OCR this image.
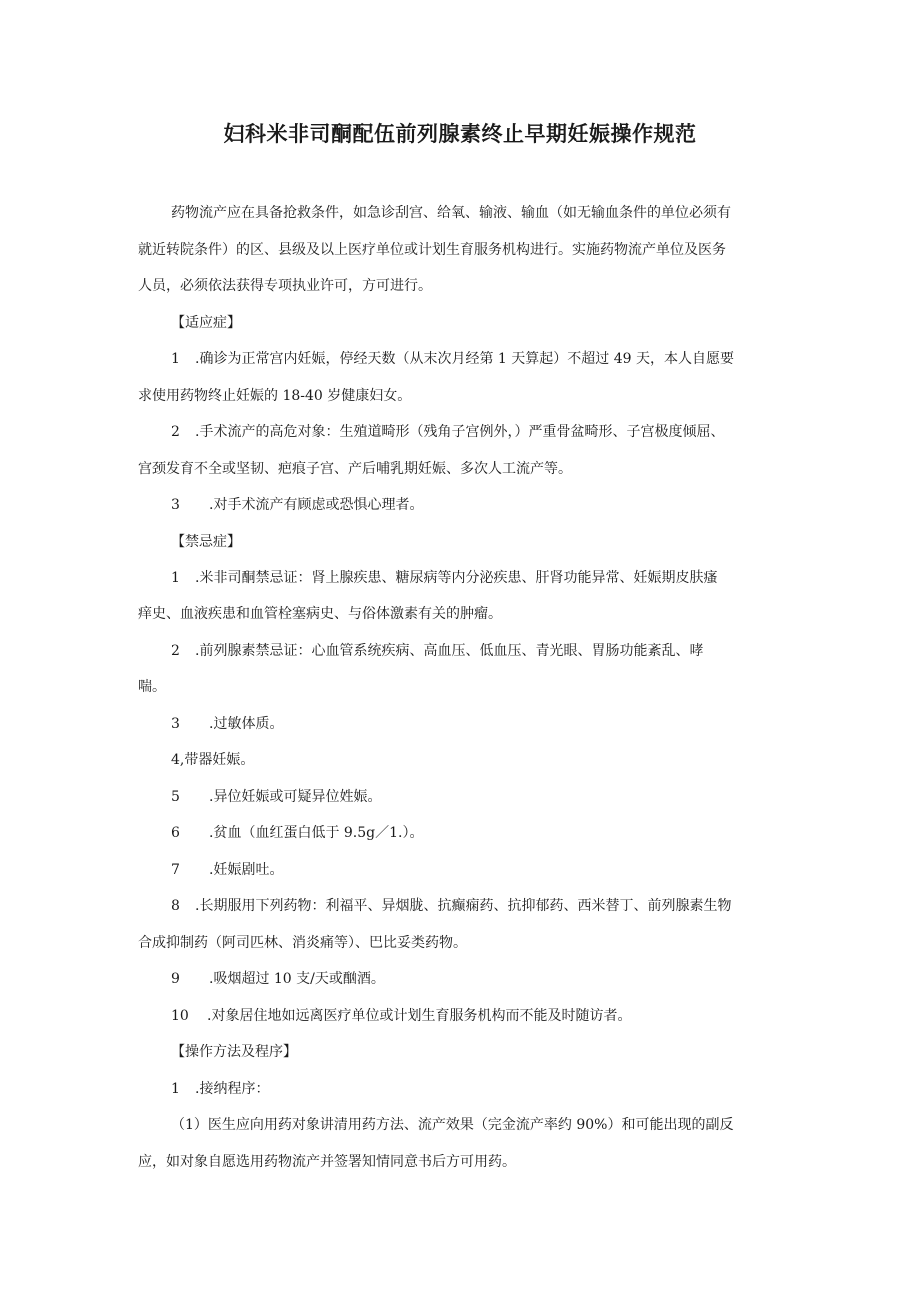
妇科米非司酮配伍前列腺素终止早期妊娠操作规范

药物流产应在具备抢救条件，如急诊刮宫、给氧、输液、输血（如无输血条件的单位必须有

就近转院条件）的区、县级及以上医疗单位或计划生育服务机构进行。实施药物流产单位及医务

人员，必须依法获得专项执业许可，方可进行。

【适应症】

1 .确诊为正常宫内妊娠，停经天数（从末次月经第 1 天算起）不超过 49 天，本人自愿要

求使用药物终止妊娠的 18-40 岁健康妇女。

2 .手术流产的高危对象：生殖道畸形（残角子宫例外，）严重骨盆畸形、子宫极度倾屈、

宫颈发育不全或坚韧、疤痕子宫、产后哺乳期妊娠、多次人工流产等。

3 .对手术流产有顾虑或恐惧心理者。

【禁忌症】

1 .米非司酮禁忌证：肾上腺疾患、糖尿病等内分泌疾患、肝肾功能异常、妊娠期皮肤瘙

痒史、血液疾患和血管栓塞病史、与俗体激素有关的肿瘤。

2 .前列腺素禁忌证：心血管系统疾病、高血压、低血压、青光眼、胃肠功能紊乱、哮

喘。

3 .过敏体质。

4,带器妊娠。

5 .异位妊娠或可疑异位姓娠。

6 .贫血（血红蛋白低于 9.5g／1.）。

7 .妊娠剧吐。

8 .长期服用下列药物：利福平、异烟胧、抗癫痫药、抗抑郁药、西米替丁、前列腺素生物

合成抑制药（阿司匹林、消炎痛等）、巴比妥类药物。

9 .吸烟超过 10 支/天或酗酒。

10 .对象居住地如远离医疗单位或计划生育服务机构而不能及时随访者。

【操作方法及程序】

1 .接纳程序：

（1）医生应向用药对象讲清用药方法、流产效果（完金流产率约 90%）和可能出现的副反

应，如对象自愿选用药物流产并签署知情同意书后方可用药。
